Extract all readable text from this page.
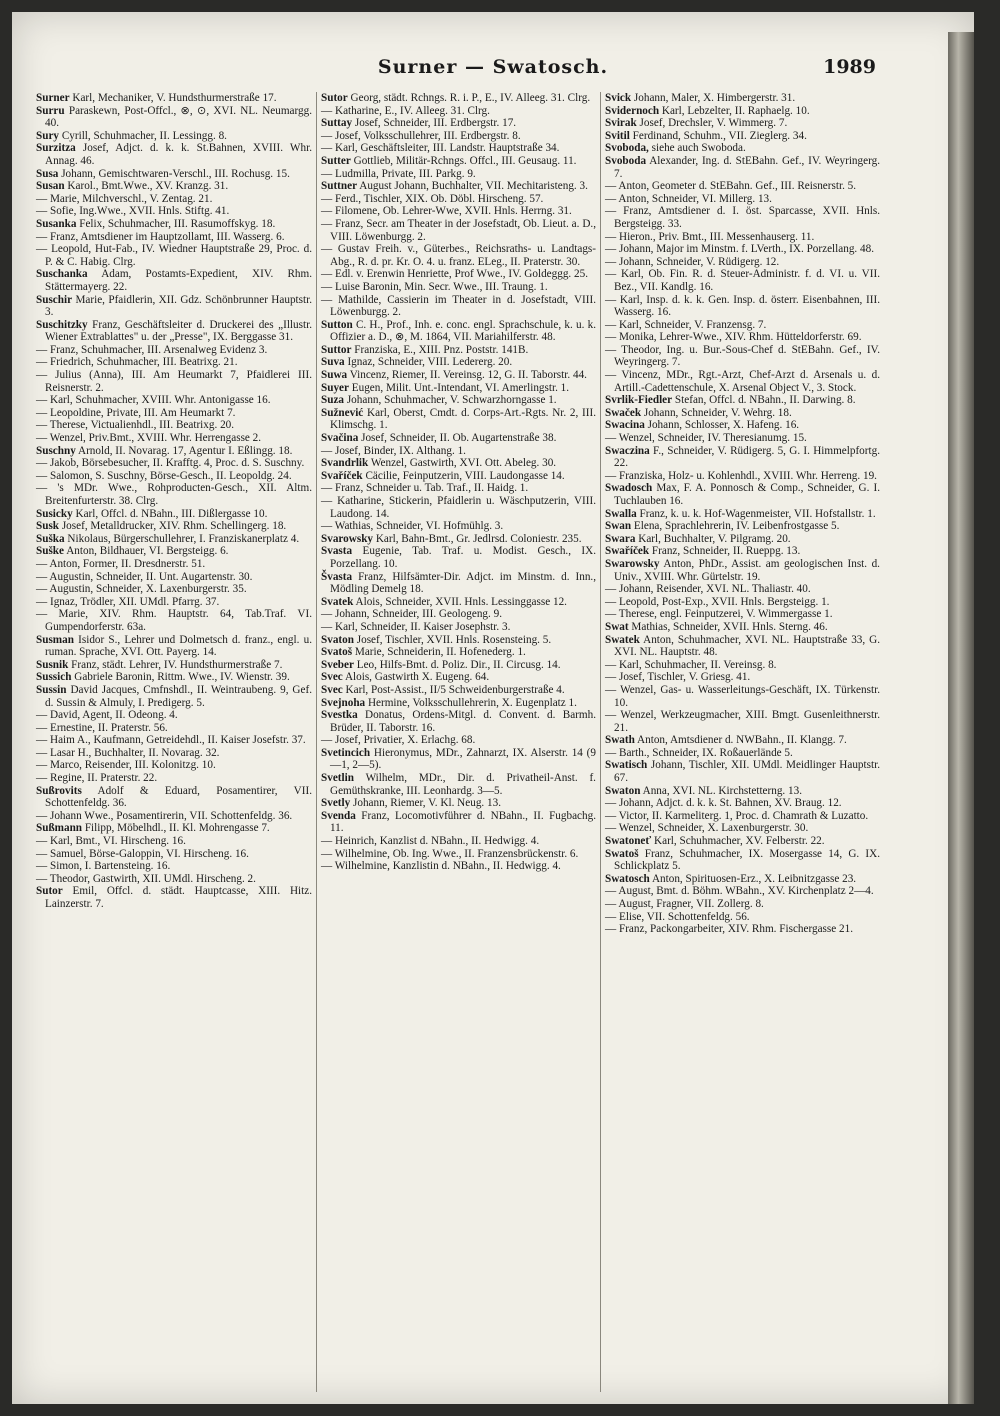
Surner — Swatosch.	1989
Surner Karl, Mechaniker, V. Hundsthurmerstraße 17.
Surru Paraskewn, Post-Offcl., ⊗, ⊙, XVI. NL. Neumargg. 40.
Sury Cyrill, Schuhmacher, II. Lessingg. 8.
Surzitza Josef, Adjct. d. k. k. St.Bahnen, XVIII. Whr. Annag. 46.
Susa Johann, Gemischtwaren-Verschl., III. Rochusg. 15.
Susan Karol., Bmt.Wwe., XV. Kranzg. 31.
— Marie, Milchverschl., V. Zentag. 21.
— Sofie, Ing.Wwe., XVII. Hnls. Stiftg. 41.
Susanka Felix, Schuhmacher, III. Rasumoffskyg. 18.
— Franz, Amtsdiener im Hauptzollamt, III. Wasserg. 6.
— Leopold, Hut-Fab., IV. Wiedner Hauptstraße 29, Proc. d. P. & C. Habig. Clrg.
Suschanka Adam, Postamts-Expedient, XIV. Rhm. Stättermayerg. 22.
Suschir Marie, Pfaidlerin, XII. Gdz. Schönbrunner Hauptstr. 3.
Suschitzky Franz, Geschäftsleiter d. Druckerei des „Illustr. Wiener Extrablattes" u. der „Presse", IX. Berggasse 31.
— Franz, Schuhmacher, III. Arsenalweg Evidenz 3.
— Friedrich, Schuhmacher, III. Beatrixg. 21.
— Julius (Anna), III. Am Heumarkt 7, Pfaidlerei III. Reisnerstr. 2.
— Karl, Schuhmacher, XVIII. Whr. Antonigasse 16.
— Leopoldine, Private, III. Am Heumarkt 7.
— Therese, Victualienhdl., III. Beatrixg. 20.
— Wenzel, Priv.Bmt., XVIII. Whr. Herrengasse 2.
Suschny Arnold, II. Novarag. 17, Agentur I. Eßlingg. 18.
— Jakob, Börsebesucher, II. Krafftg. 4, Proc. d. S. Suschny.
— Salomon, S. Suschny, Börse-Gesch., II. Leopoldg. 24.
— 's MDr. Wwe., Rohproducten-Gesch., XII. Altm. Breitenfurterstr. 38. Clrg.
Susicky Karl, Offcl. d. NBahn., III. Dißlergasse 10.
Susk Josef, Metalldrucker, XIV. Rhm. Schellingerg. 18.
Suška Nikolaus, Bürgerschullehrer, I. Franziskanerplatz 4.
Suške Anton, Bildhauer, VI. Bergsteigg. 6.
— Anton, Former, II. Dresdnerstr. 51.
— Augustin, Schneider, II. Unt. Augartenstr. 30.
— Augustin, Schneider, X. Laxenburgerstr. 35.
— Ignaz, Trödler, XII. UMdl. Pfarrg. 37.
— Marie, XIV. Rhm. Hauptstr. 64, Tab.Traf. VI. Gumpendorferstr. 63a.
Susman Isidor S., Lehrer und Dolmetsch d. franz., engl. u. ruman. Sprache, XVI. Ott. Payerg. 14.
Susnik Franz, städt. Lehrer, IV. Hundsthurmerstraße 7.
Sussich Gabriele Baronin, Rittm. Wwe., IV. Wienstr. 39.
Sussin David Jacques, Cmfnshdl., II. Weintraubeng. 9, Gef. d. Sussin & Almuly, I. Predigerg. 5.
— David, Agent, II. Odeong. 4.
— Ernestine, II. Praterstr. 56.
— Haim A., Kaufmann, Getreidehdl., II. Kaiser Josefstr. 37.
— Lasar H., Buchhalter, II. Novarag. 32.
— Marco, Reisender, III. Kolonitzg. 10.
— Regine, II. Praterstr. 22.
Sußrovits Adolf & Eduard, Posamentirer, VII. Schottenfeldg. 36.
— Johann Wwe., Posamentirerin, VII. Schottenfeldg. 36.
Sußmann Filipp, Möbelhdl., II. Kl. Mohrengasse 7.
— Karl, Bmt., VI. Hirscheng. 16.
— Samuel, Börse-Galoppin, VI. Hirscheng. 16.
— Simon, I. Bartensteing. 16.
— Theodor, Gastwirth, XII. UMdl. Hirscheng. 2.
Sutor Emil, Offcl. d. städt. Hauptcasse, XIII. Hitz. Lainzerstr. 7.
Sutor Georg, städt. Rchngs. R. i. P., E., IV. Alleeg. 31. Clrg.
— Katharine, E., IV. Alleeg. 31. Clrg.
Suttay Josef, Schneider, III. Erdbergstr. 17.
— Josef, Volksschullehrer, III. Erdbergstr. 8.
— Karl, Geschäftsleiter, III. Landstr. Hauptstraße 34.
Sutter Gottlieb, Militär-Rchngs. Offcl., III. Geusaug. 11.
— Ludmilla, Private, III. Parkg. 9.
Suttner August Johann, Buchhalter, VII. Mechitaristeng. 3.
— Ferd., Tischler, XIX. Ob. Döbl. Hirscheng. 57.
— Filomene, Ob. Lehrer-Wwe, XVII. Hnls. Herrng. 31.
— Franz, Secr. am Theater in der Josefstadt, Ob. Lieut. a. D., VIII. Löwenburgg. 2.
— Gustav Freih. v., Güterbes., Reichsraths- u. Landtags-Abg., R. d. pr. Kr. O. 4. u. franz. ELeg., II. Praterstr. 30.
— Edl. v. Erenwin Henriette, Prof Wwe., IV. Goldeggg. 25.
— Luise Baronin, Min. Secr. Wwe., III. Traung. 1.
— Mathilde, Cassierin im Theater in d. Josefstadt, VIII. Löwenburgg. 2.
Sutton C. H., Prof., Inh. e. conc. engl. Sprachschule, k. u. k. Offizier a. D., ⊗, M. 1864, VII. Mariahilferstr. 48.
Suttor Franziska, E., XIII. Pnz. Poststr. 141B.
Suva Ignaz, Schneider, VIII. Ledererg. 20.
Suwa Vincenz, Riemer, II. Vereinsg. 12, G. II. Taborstr. 44.
Suyer Eugen, Milit. Unt.-Intendant, VI. Amerlingstr. 1.
Suza Johann, Schuhmacher, V. Schwarzhorngasse 1.
Sužnević Karl, Oberst, Cmdt. d. Corps-Art.-Rgts. Nr. 2, III. Klimschg. 1.
Svačina Josef, Schneider, II. Ob. Augartenstraße 38.
— Josef, Binder, IX. Althang. 1.
Svandrlik Wenzel, Gastwirth, XVI. Ott. Abeleg. 30.
Svaříček Cäcilie, Feinputzerin, VIII. Laudongasse 14.
— Franz, Schneider u. Tab. Traf., II. Haidg. 1.
— Katharine, Stickerin, Pfaidlerin u. Wäschputzerin, VIII. Laudong. 14.
— Wathias, Schneider, VI. Hofmühlg. 3.
Svarowsky Karl, Bahn-Bmt., Gr. Jedlrsd. Coloniestr. 235.
Svasta Eugenie, Tab. Traf. u. Modist. Gesch., IX. Porzellang. 10.
Švasta Franz, Hilfsämter-Dir. Adjct. im Minstm. d. Inn., Mödling Demelg 18.
Svatek Alois, Schneider, XVII. Hnls. Lessinggasse 12.
— Johann, Schneider, III. Geologeng. 9.
— Karl, Schneider, II. Kaiser Josephstr. 3.
Svaton Josef, Tischler, XVII. Hnls. Rosensteing. 5.
Svatoš Marie, Schneiderin, II. Hofenederg. 1.
Sveber Leo, Hilfs-Bmt. d. Poliz. Dir., II. Circusg. 14.
Svec Alois, Gastwirth X. Eugeng. 64.
Svec Karl, Post-Assist., II/5 Schweidenburgerstraße 4.
Svejnoha Hermine, Volksschullehrerin, X. Eugenplatz 1.
Svestka Donatus, Ordens-Mitgl. d. Convent. d. Barmh. Brüder, II. Taborstr. 16.
— Josef, Privatier, X. Erlachg. 68.
Svetincich Hieronymus, MDr., Zahnarzt, IX. Alserstr. 14 (9—1, 2—5).
Svetlin Wilhelm, MDr., Dir. d. Privatheil-Anst. f. Gemüthskranke, III. Leonhardg. 3—5.
Svetly Johann, Riemer, V. Kl. Neug. 13.
Svenda Franz, Locomotivführer d. NBahn., II. Fugbachg. 11.
— Heinrich, Kanzlist d. NBahn., II. Hedwigg. 4.
— Wilhelmine, Ob. Ing. Wwe., II. Franzensbrückenstr. 6.
— Wilhelmine, Kanzlistin d. NBahn., II. Hedwigg. 4.
Svick Johann, Maler, X. Himbergerstr. 31.
Svidernoch Karl, Lebzelter, II. Raphaelg. 10.
Svirak Josef, Drechsler, V. Wimmerg. 7.
Svitil Ferdinand, Schuhm., VII. Zieglerg. 34.
Svoboda, siehe auch Swoboda.
Svoboda Alexander, Ing. d. StEBahn. Gef., IV. Weyringerg. 7.
— Anton, Geometer d. StEBahn. Gef., III. Reisnerstr. 5.
— Anton, Schneider, VI. Millerg. 13.
— Franz, Amtsdiener d. I. öst. Sparcasse, XVII. Hnls. Bergsteigg. 33.
— Hieron., Priv. Bmt., III. Messenhauserg. 11.
— Johann, Major im Minstm. f. LVerth., IX. Porzellang. 48.
— Johann, Schneider, V. Rüdigerg. 12.
— Karl, Ob. Fin. R. d. Steuer-Administr. f. d. VI. u. VII. Bez., VII. Kandlg. 16.
— Karl, Insp. d. k. k. Gen. Insp. d. österr. Eisenbahnen, III. Wasserg. 16.
— Karl, Schneider, V. Franzensg. 7.
— Monika, Lehrer-Wwe., XIV. Rhm. Hütteldorferstr. 69.
— Theodor, Ing. u. Bur.-Sous-Chef d. StEBahn. Gef., IV. Weyringerg. 7.
— Vincenz, MDr., Rgt.-Arzt, Chef-Arzt d. Arsenals u. d. Artill.-Cadettenschule, X. Arsenal Object V., 3. Stock.
Svrlik-Fiedler Stefan, Offcl. d. NBahn., II. Darwing. 8.
Swaček Johann, Schneider, V. Wehrg. 18.
Swacina Johann, Schlosser, X. Hafeng. 16.
— Wenzel, Schneider, IV. Theresianumg. 15.
Swaczina F., Schneider, V. Rüdigerg. 5, G. I. Himmelpfortg. 22.
— Franziska, Holz- u. Kohlenhdl., XVIII. Whr. Herreng. 19.
Swadosch Max, F. A. Ponnosch & Comp., Schneider, G. I. Tuchlauben 16.
Swalla Franz, k. u. k. Hof-Wagenmeister, VII. Hofstallstr. 1.
Swan Elena, Sprachlehrerin, IV. Leibenfrostgasse 5.
Swara Karl, Buchhalter, V. Pilgramg. 20.
Swaříček Franz, Schneider, II. Rueppg. 13.
Swarowsky Anton, PhDr., Assist. am geologischen Inst. d. Univ., XVIII. Whr. Gürtelstr. 19.
— Johann, Reisender, XVI. NL. Thaliastr. 40.
— Leopold, Post-Exp., XVII. Hnls. Bergsteigg. 1.
— Therese, engl. Feinputzerei, V. Wimmergasse 1.
Swat Mathias, Schneider, XVII. Hnls. Sterng. 46.
Swatek Anton, Schuhmacher, XVI. NL. Hauptstraße 33, G. XVI. NL. Hauptstr. 48.
— Karl, Schuhmacher, II. Vereinsg. 8.
— Josef, Tischler, V. Griesg. 41.
— Wenzel, Gas- u. Wasserleitungs-Geschäft, IX. Türkenstr. 10.
— Wenzel, Werkzeugmacher, XIII. Bmgt. Gusenleithnerstr. 21.
Swath Anton, Amtsdiener d. NWBahn., II. Klangg. 7.
— Barth., Schneider, IX. Roßauerlände 5.
Swatisch Johann, Tischler, XII. UMdl. Meidlinger Hauptstr. 67.
Swaton Anna, XVI. NL. Kirchstetterng. 13.
— Johann, Adjct. d. k. k. St. Bahnen, XV. Braug. 12.
— Victor, II. Karmeliterg. 1, Proc. d. Chamrath & Luzatto.
— Wenzel, Schneider, X. Laxenburgerstr. 30.
Swatoneť Karl, Schuhmacher, XV. Felberstr. 22.
Swatoš Franz, Schuhmacher, IX. Mosergasse 14, G. IX. Schlickplatz 5.
Swatosch Anton, Spirituosen-Erz., X. Leibnitzgasse 23.
— August, Bmt. d. Böhm. WBahn., XV. Kirchenplatz 2—4.
— August, Fragner, VII. Zollerg. 8.
— Elise, VII. Schottenfeldg. 56.
— Franz, Packongarbeiter, XIV. Rhm. Fischergasse 21.
